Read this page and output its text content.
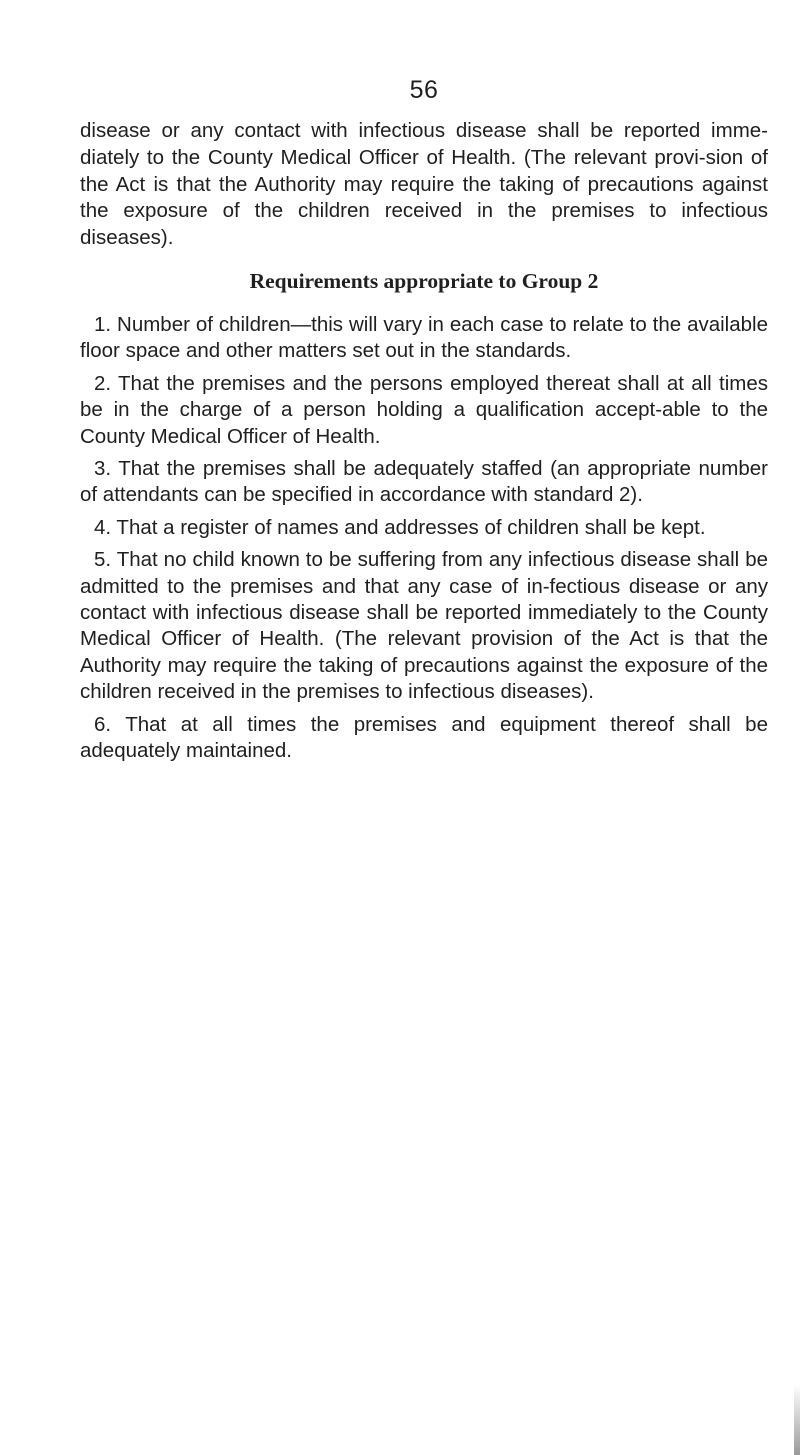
56

disease or any contact with infectious disease shall be reported imme-diately to the County Medical Officer of Health. (The relevant provi-sion of the Act is that the Authority may require the taking of precautions against the exposure of the children received in the premises to infectious diseases).

Requirements appropriate to Group 2
1. Number of children—this will vary in each case to relate to the available floor space and other matters set out in the standards.
2. That the premises and the persons employed thereat shall at all times be in the charge of a person holding a qualification accept-able to the County Medical Officer of Health.
3. That the premises shall be adequately staffed (an appropriate number of attendants can be specified in accordance with standard 2).
4. That a register of names and addresses of children shall be kept.
5. That no child known to be suffering from any infectious disease shall be admitted to the premises and that any case of in-fectious disease or any contact with infectious disease shall be reported immediately to the County Medical Officer of Health. (The relevant provision of the Act is that the Authority may require the taking of precautions against the exposure of the children received in the premises to infectious diseases).
6. That at all times the premises and equipment thereof shall be adequately maintained.
